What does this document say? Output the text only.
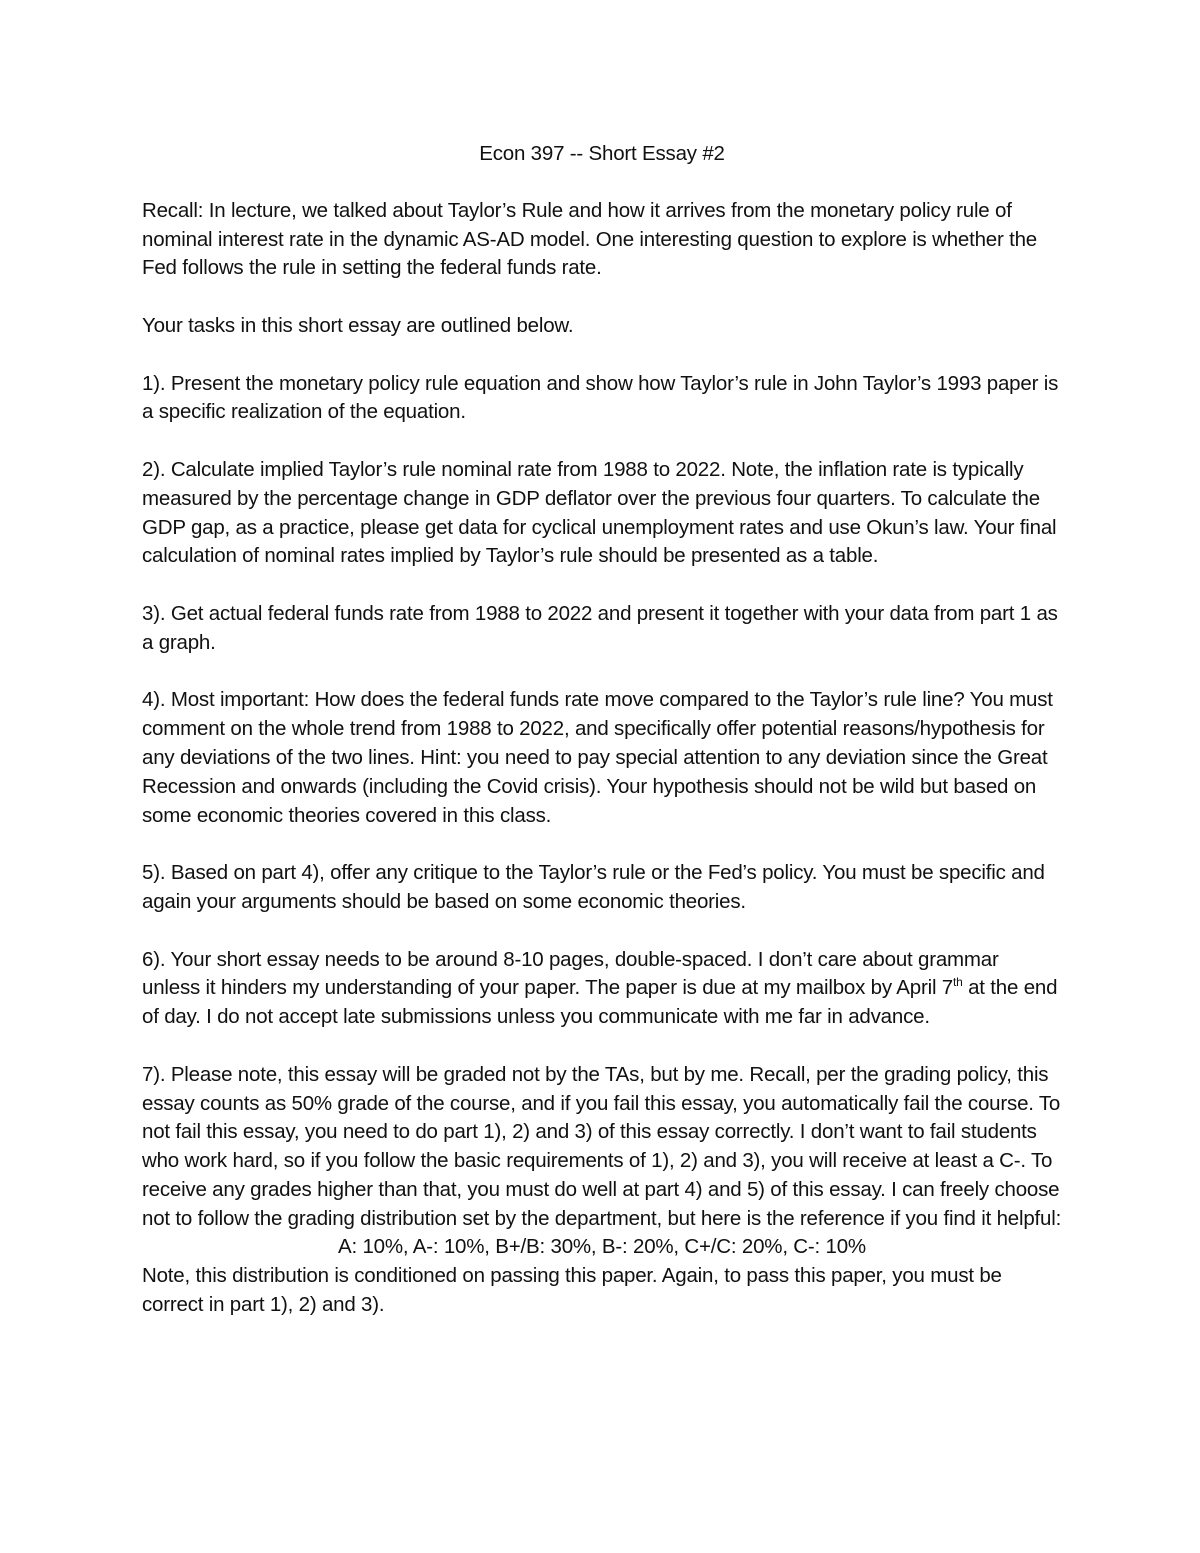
Econ 397 -- Short Essay #2
Recall: In lecture, we talked about Taylor’s Rule and how it arrives from the monetary policy rule of nominal interest rate in the dynamic AS-AD model. One interesting question to explore is whether the Fed follows the rule in setting the federal funds rate.
Your tasks in this short essay are outlined below.
1). Present the monetary policy rule equation and show how Taylor’s rule in John Taylor’s 1993 paper is a specific realization of the equation.
2). Calculate implied Taylor’s rule nominal rate from 1988 to 2022. Note, the inflation rate is typically measured by the percentage change in GDP deflator over the previous four quarters. To calculate the GDP gap, as a practice, please get data for cyclical unemployment rates and use Okun’s law. Your final calculation of nominal rates implied by Taylor’s rule should be presented as a table.
3). Get actual federal funds rate from 1988 to 2022 and present it together with your data from part 1 as a graph.
4). Most important: How does the federal funds rate move compared to the Taylor’s rule line? You must comment on the whole trend from 1988 to 2022, and specifically offer potential reasons/hypothesis for any deviations of the two lines. Hint: you need to pay special attention to any deviation since the Great Recession and onwards (including the Covid crisis). Your hypothesis should not be wild but based on some economic theories covered in this class.
5). Based on part 4), offer any critique to the Taylor’s rule or the Fed’s policy. You must be specific and again your arguments should be based on some economic theories.
6). Your short essay needs to be around 8-10 pages, double-spaced. I don’t care about grammar unless it hinders my understanding of your paper. The paper is due at my mailbox by April 7th at the end of day. I do not accept late submissions unless you communicate with me far in advance.
7). Please note, this essay will be graded not by the TAs, but by me. Recall, per the grading policy, this essay counts as 50% grade of the course, and if you fail this essay, you automatically fail the course. To not fail this essay, you need to do part 1), 2) and 3) of this essay correctly. I don’t want to fail students who work hard, so if you follow the basic requirements of 1), 2) and 3), you will receive at least a C-. To receive any grades higher than that, you must do well at part 4) and 5) of this essay. I can freely choose not to follow the grading distribution set by the department, but here is the reference if you find it helpful:
A: 10%, A-: 10%, B+/B: 30%, B-: 20%, C+/C: 20%, C-: 10%
Note, this distribution is conditioned on passing this paper. Again, to pass this paper, you must be correct in part 1), 2) and 3).
